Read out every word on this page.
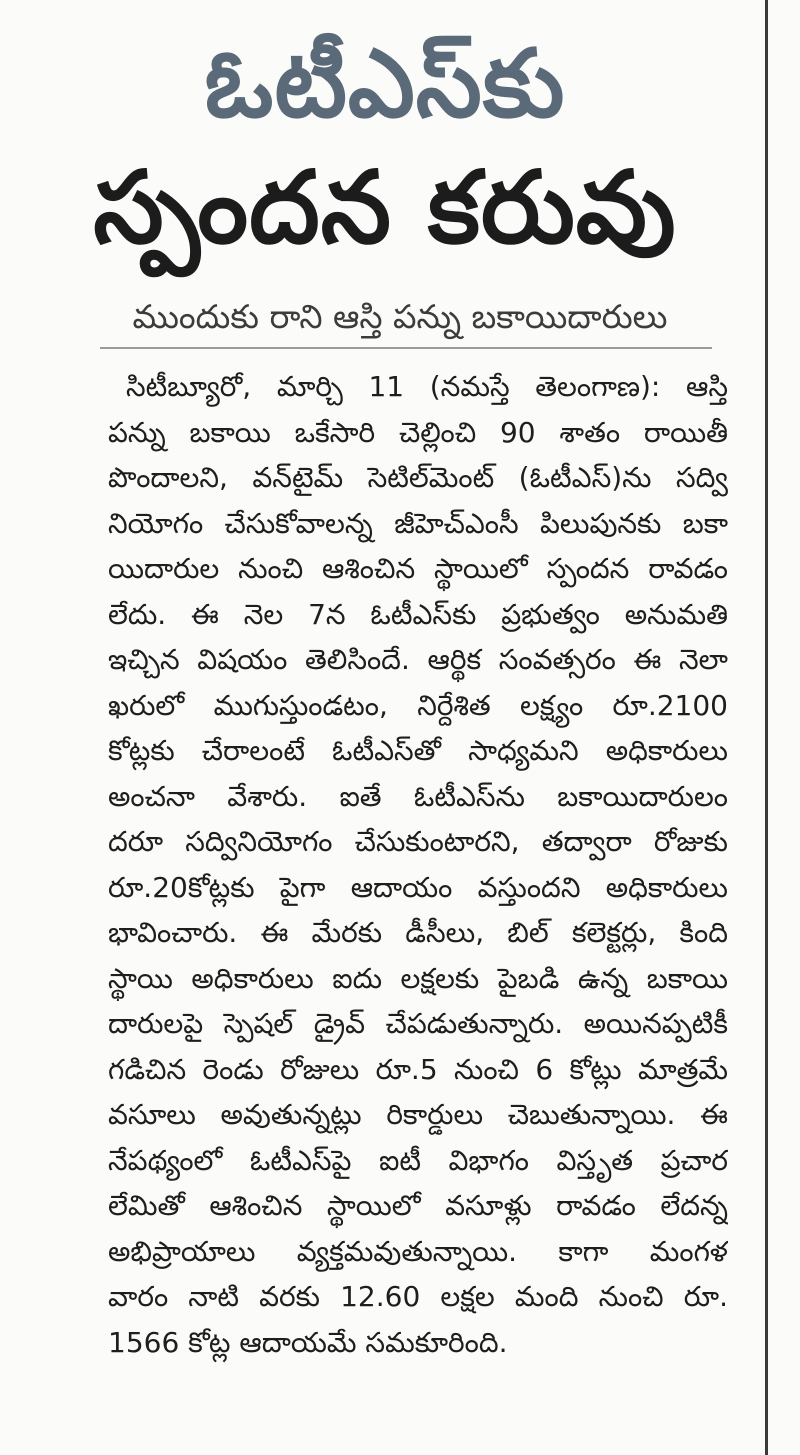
ఓటీఎస్‌కు
స్పందన కరువు
ముందుకు రాని ఆస్తి పన్ను బకాయిదారులు
సిటీబ్యూరో, మార్చి 11 (నమస్తే తెలంగాణ): ఆస్తి
పన్ను బకాయి ఒకేసారి చెల్లించి 90 శాతం రాయితీ
పొందాలని, వన్‌టైమ్ సెటిల్‌మెంట్ (ఓటీఎస్)ను సద్వి
నియోగం చేసుకోవాలన్న జీహెచ్ఎంసీ పిలుపునకు బకా
యిదారుల నుంచి ఆశించిన స్థాయిలో స్పందన రావడం
లేదు. ఈ నెల 7న ఓటీఎస్‌కు ప్రభుత్వం అనుమతి
ఇచ్చిన విషయం తెలిసిందే. ఆర్థిక సంవత్సరం ఈ నెలా
ఖరులో ముగుస్తుండటం, నిర్దేశిత లక్ష్యం రూ.2100
కోట్లకు చేరాలంటే ఓటీఎస్‌తో సాధ్యమని అధికారులు
అంచనా వేశారు. ఐతే ఓటీఎస్‌ను బకాయిదారులం
దరూ సద్వినియోగం చేసుకుంటారని, తద్వారా రోజుకు
రూ.20కోట్లకు పైగా ఆదాయం వస్తుందని అధికారులు
భావించారు. ఈ మేరకు డీసీలు, బిల్ కలెక్టర్లు, కింది
స్థాయి అధికారులు ఐదు లక్షలకు పైబడి ఉన్న బకాయి
దారులపై స్పెషల్ డ్రైవ్ చేపడుతున్నారు. అయినప్పటికీ
గడిచిన రెండు రోజులు రూ.5 నుంచి 6 కోట్లు మాత్రమే
వసూలు అవుతున్నట్లు రికార్డులు చెబుతున్నాయి. ఈ
నేపథ్యంలో ఓటీఎస్‌పై ఐటీ విభాగం విస్తృత ప్రచార
లేమితో ఆశించిన స్థాయిలో వసూళ్లు రావడం లేదన్న
అభిప్రాయాలు వ్యక్తమవుతున్నాయి. కాగా మంగళ
వారం నాటి వరకు 12.60 లక్షల మంది నుంచి రూ.
1566 కోట్ల ఆదాయమే సమకూరింది.
